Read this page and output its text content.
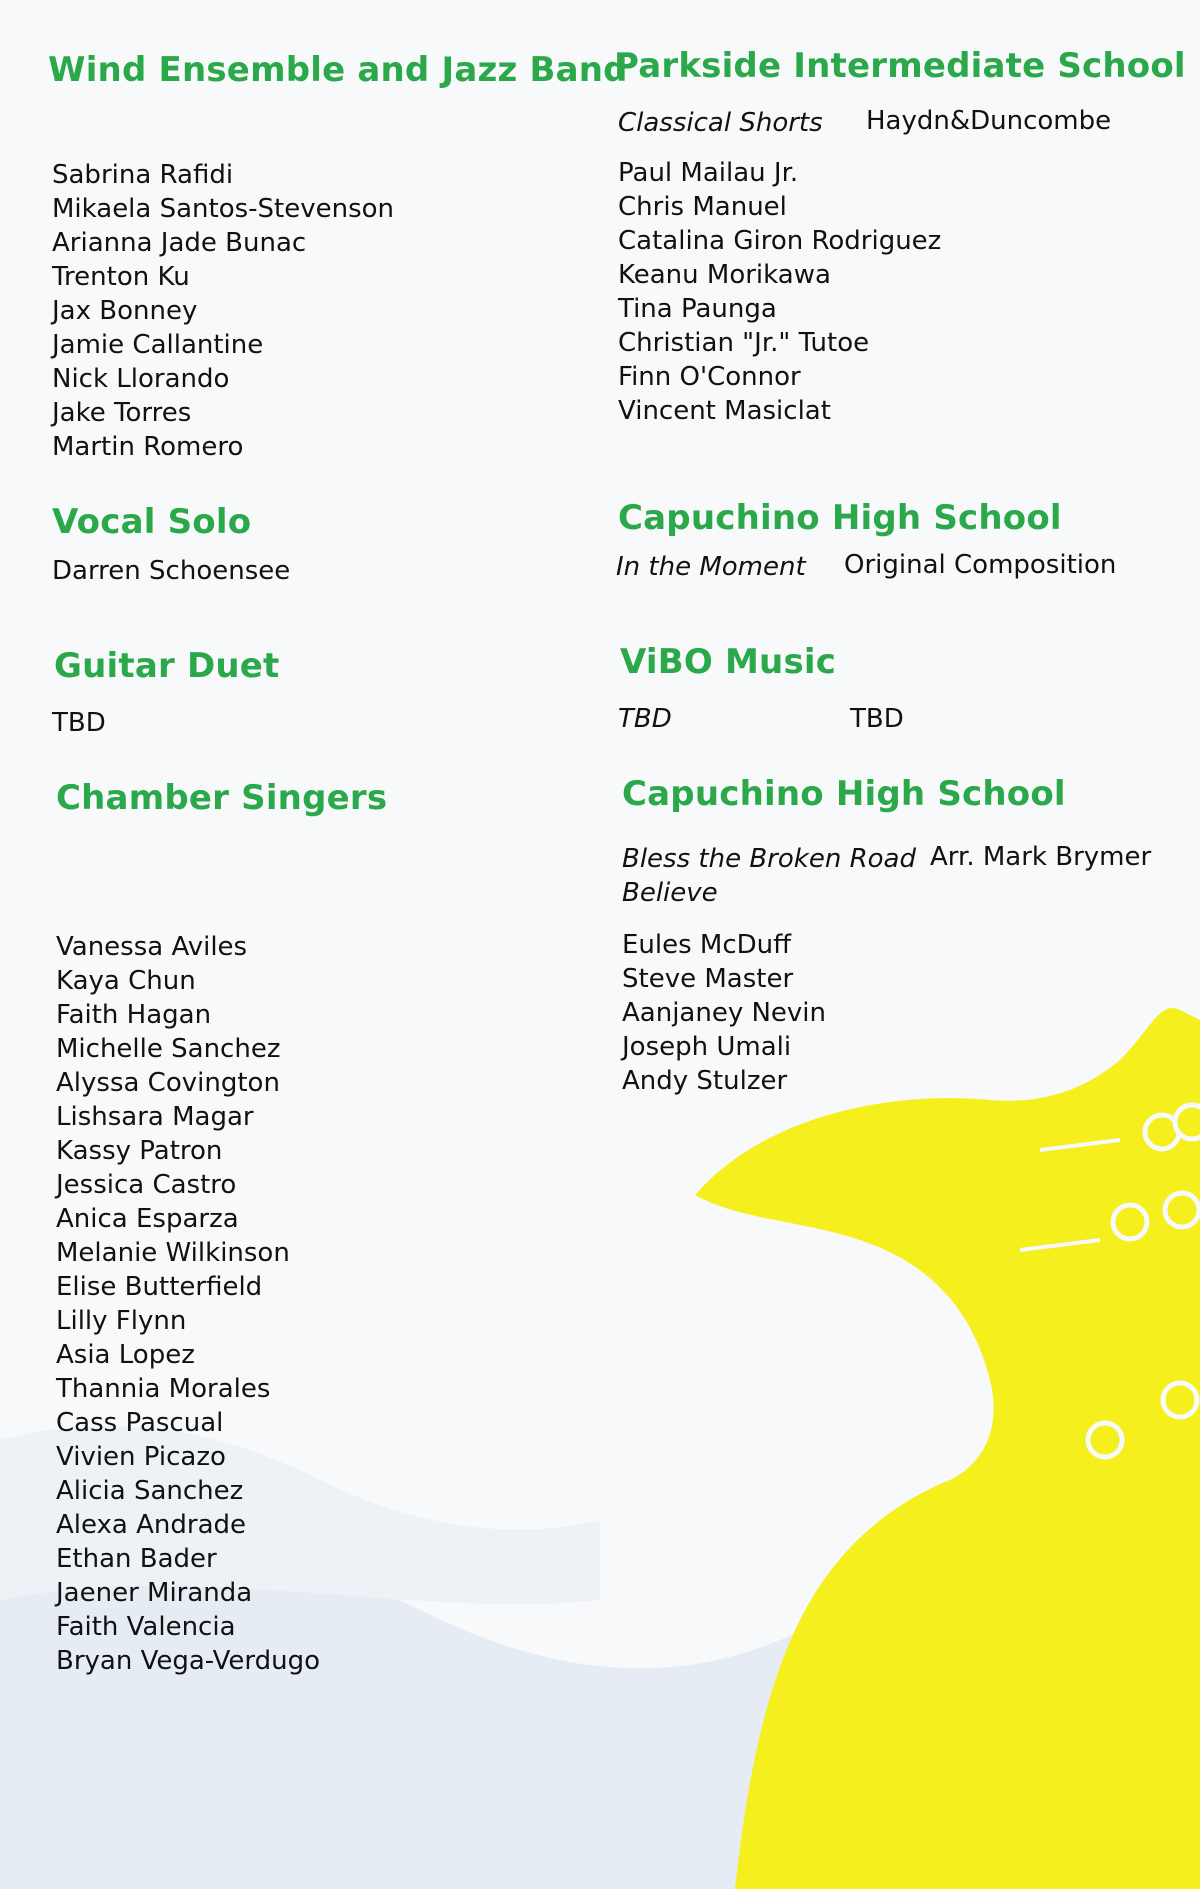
Wind Ensemble and Jazz Band
Sabrina Rafidi
Mikaela Santos-Stevenson
Arianna Jade Bunac
Trenton Ku
Jax Bonney
Jamie Callantine
Nick Llorando
Jake Torres
Martin Romero
Vocal Solo
Darren Schoensee
Guitar Duet
TBD
Chamber Singers
Vanessa Aviles
Kaya Chun
Faith Hagan
Michelle Sanchez
Alyssa Covington
Lishsara Magar
Kassy Patron
Jessica Castro
Anica Esparza
Melanie Wilkinson
Elise Butterfield
Lilly Flynn
Asia Lopez
Thannia Morales
Cass Pascual
Vivien Picazo
Alicia Sanchez
Alexa Andrade
Ethan Bader
Jaener Miranda
Faith Valencia
Bryan Vega-Verdugo
Parkside Intermediate School
Classical Shorts Haydn&Duncombe
Paul Mailau Jr.
Chris Manuel
Catalina Giron Rodriguez
Keanu Morikawa
Tina Paunga
Christian "Jr." Tutoe
Finn O'Connor
Vincent Masiclat
Capuchino High School
In the Moment Original Composition
ViBO Music
TBD	TBD
Capuchino High School
Bless the Broken Road Arr. Mark Brymer
Believe
Eules McDuff
Steve Master
Aanjaney Nevin
Joseph Umali
Andy Stulzer
